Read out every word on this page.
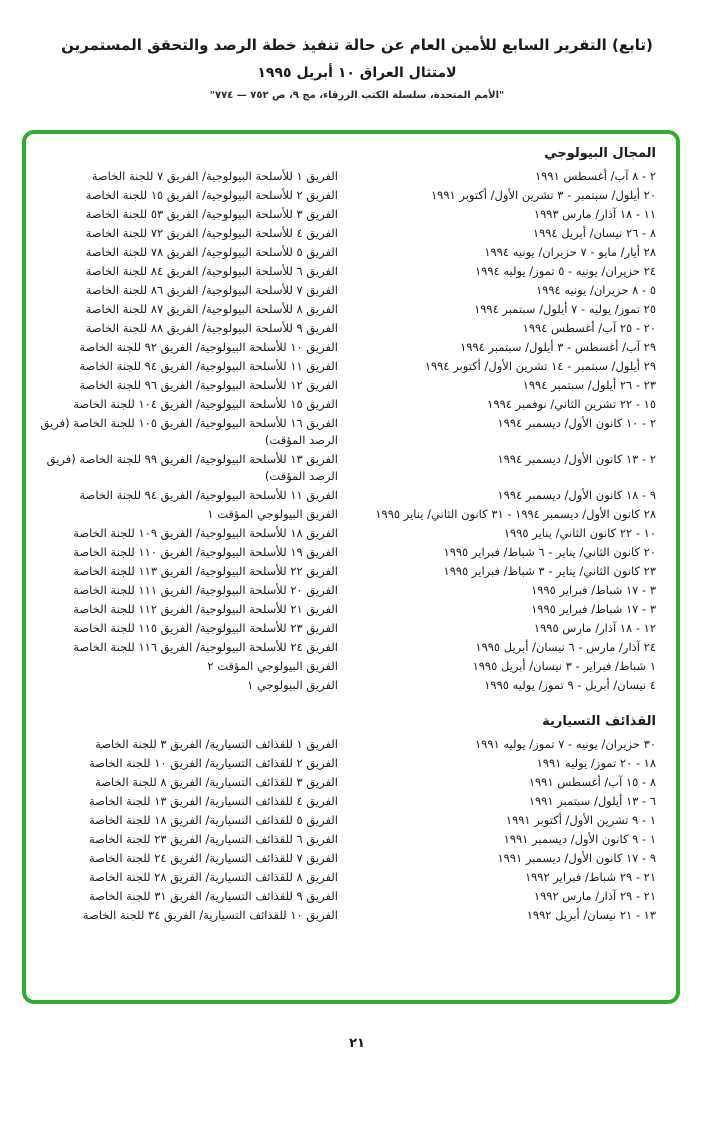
(تابع) التقرير السابع للأمين العام عن حالة تنفيذ خطة الرصد والتحقق المستمرين

لامتثال العراق ١٠ أبريل ١٩٩٥

"الأمم المتحدة، سلسلة الكتب الزرقاء، مج ٩، ص ٧٥٢ — ٧٧٤"

المجال البيولوجي
٢ - ٨ آب/ أغسطس ١٩٩١
الفريق ١ للأسلحة البيولوجية/ الفريق ٧ للجنة الخاصة
٢٠ أيلول/ سبتمبر - ٣ تشرين الأول/ أكتوبر ١٩٩١
الفريق ٢ للأسلحة البيولوجية/ الفريق ١٥ للجنة الخاصة
١١ - ١٨ آذار/ مارس ١٩٩٣
الفريق ٣ للأسلحة البيولوجية/ الفريق ٥٣ للجنة الخاصة
٨ - ٢٦ نيسان/ أبريل ١٩٩٤
الفريق ٤ للأسلحة البيولوجية/ الفريق ٧٢ للجنة الخاصة
٢٨ أيار/ مايو - ٧ حزيران/ يونيه ١٩٩٤
الفريق ٥ للأسلحة البيولوجية/ الفريق ٧٨ للجنة الخاصة
٢٤ حزيران/ يونيه - ٥ تموز/ يوليه ١٩٩٤
الفريق ٦ للأسلحة البيولوجية/ الفريق ٨٤ للجنة الخاصة
٥ - ٨ حزيران/ يونيه ١٩٩٤
الفريق ٧ للأسلحة البيولوجية/ الفريق ٨٦ للجنة الخاصة
٢٥ تموز/ يوليه - ٧ أيلول/ سبتمبر ١٩٩٤
الفريق ٨ للأسلحة البيولوجية/ الفريق ٨٧ للجنة الخاصة
٢٠ - ٢٥ آب/ أغسطس ١٩٩٤
الفريق ٩ للأسلحة البيولوجية/ الفريق ٨٨ للجنة الخاصة
٢٩ آب/ أغسطس - ٣ أيلول/ سبتمبر ١٩٩٤
الفريق ١٠ للأسلحة البيولوجية/ الفريق ٩٢ للجنة الخاصة
٢٩ أيلول/ سبتمبر - ١٤ تشرين الأول/ أكتوبر ١٩٩٤
الفريق ١١ للأسلحة البيولوجية/ الفريق ٩٤ للجنة الخاصة
٢٣ - ٢٦ أيلول/ سبتمبر ١٩٩٤
الفريق ١٢ للأسلحة البيولوجية/ الفريق ٩٦ للجنة الخاصة
١٥ - ٢٢ تشرين الثاني/ نوفمبر ١٩٩٤
الفريق ١٥ للأسلحة البيولوجية/ الفريق ١٠٤ للجنة الخاصة
٢ - ١٠ كانون الأول/ ديسمبر ١٩٩٤
الفريق ١٦ للأسلحة البيولوجية/ الفريق ١٠٥ للجنة الخاصة (فريق الرصد المؤقت)
٢ - ١٣ كانون الأول/ ديسمبر ١٩٩٤
الفريق ١٣ للأسلحة البيولوجية/ الفريق ٩٩ للجنة الخاصة (فريق الرصد المؤقت)
٩ - ١٨ كانون الأول/ ديسمبر ١٩٩٤
الفريق ١١ للأسلحة البيولوجية/ الفريق ٩٤ للجنة الخاصة
٢٨ كانون الأول/ ديسمبر ١٩٩٤ - ٣١ كانون الثاني/ يناير ١٩٩٥
الفريق البيولوجي المؤقت ١
١٠ - ٢٢ كانون الثاني/ يناير ١٩٩٥
الفريق ١٨ للأسلحة البيولوجية/ الفريق ١٠٩ للجنة الخاصة
٢٠ كانون الثاني/ يناير - ٦ شباط/ فبراير ١٩٩٥
الفريق ١٩ للأسلحة البيولوجية/ الفريق ١١٠ للجنة الخاصة
٢٣ كانون الثاني/ يناير - ٣ شباط/ فبراير ١٩٩٥
الفريق ٢٢ للأسلحة البيولوجية/ الفريق ١١٣ للجنة الخاصة
٣ - ١٧ شباط/ فبراير ١٩٩٥
الفريق ٢٠ للأسلحة البيولوجية/ الفريق ١١١ للجنة الخاصة
٣ - ١٧ شباط/ فبراير ١٩٩٥
الفريق ٢١ للأسلحة البيولوجية/ الفريق ١١٢ للجنة الخاصة
١٢ - ١٨ آذار/ مارس ١٩٩٥
الفريق ٢٣ للأسلحة البيولوجية/ الفريق ١١٥ للجنة الخاصة
٢٤ آذار/ مارس - ٦ نيسان/ أبريل ١٩٩٥
الفريق ٢٤ للأسلحة البيولوجية/ الفريق ١١٦ للجنة الخاصة
١ شباط/ فبراير - ٣ نيسان/ أبريل ١٩٩٥
الفريق البيولوجي المؤقت ٢
٤ نيسان/ أبريل - ٩ تموز/ يوليه ١٩٩٥
الفريق البيولوجي ١
القذائف التسيارية
٣٠ حزيران/ يونيه - ٧ تموز/ يوليه ١٩٩١
الفريق ١ للقذائف التسيارية/ الفريق ٣ للجنة الخاصة
١٨ - ٢٠ تموز/ يوليه ١٩٩١
الفريق ٢ للقذائف التسيارية/ الفريق ١٠ للجنة الخاصة
٨ - ١٥ آب/ أغسطس ١٩٩١
الفريق ٣ للقذائف التسيارية/ الفريق ٨ للجنة الخاصة
٦ - ١٣ أيلول/ سبتمبر ١٩٩١
الفريق ٤ للقذائف التسيارية/ الفريق ١٣ للجنة الخاصة
١ - ٩ تشرين الأول/ أكتوبر ١٩٩١
الفريق ٥ للقذائف التسيارية/ الفريق ١٨ للجنة الخاصة
١ - ٩ كانون الأول/ ديسمبر ١٩٩١
الفريق ٦ للقذائف التسيارية/ الفريق ٢٣ للجنة الخاصة
٩ - ١٧ كانون الأول/ ديسمبر ١٩٩١
الفريق ٧ للقذائف التسيارية/ الفريق ٢٤ للجنة الخاصة
٢١ - ٢٩ شباط/ فبراير ١٩٩٢
الفريق ٨ للقذائف التسيارية/ الفريق ٢٨ للجنة الخاصة
٢١ - ٢٩ آذار/ مارس ١٩٩٢
الفريق ٩ للقذائف التسيارية/ الفريق ٣١ للجنة الخاصة
١٣ - ٢١ نيسان/ أبريل ١٩٩٢
الفريق ١٠ للقذائف التسيارية/ الفريق ٣٤ للجنة الخاصة
٢١
